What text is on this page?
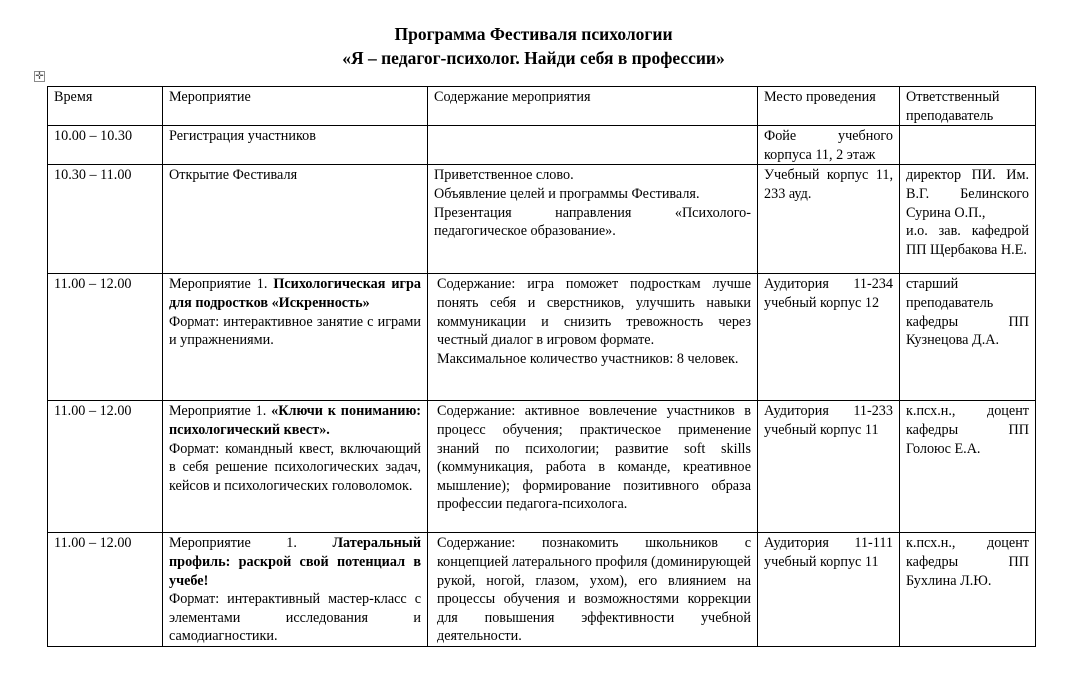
Программа Фестиваля психологии
«Я – педагог-психолог. Найди себя в профессии»
✛
Время	Мероприятие	Содержание мероприятия	Место проведения	Ответственный преподаватель
10.00 – 10.30	Регистрация участников		Фойе учебного корпуса 11, 2 этаж	
10.30 – 11.00	Открытие Фестиваля	Приветственное слово.
Объявление целей и программы Фестиваля.
Презентация направления «Психолого-педагогическое образование».	Учебный корпус 11, 233 ауд.	директор ПИ. Им. В.Г. Белинского Сурина О.П.,
и.о. зав. кафедрой ПП Щербакова Н.Е.

11.00 – 12.00	Мероприятие 1. Психологическая игра для подростков «Искренность»
Формат: интерактивное занятие с играми и упражнениями.	Содержание: игра поможет подросткам лучше понять себя и сверстников, улучшить навыки коммуникации и снизить тревожность через честный диалог в игровом формате.
Максимальное количество участников: 8 человек.	Аудитория 11-234 учебный корпус 12	старший преподаватель кафедры ПП Кузнецова Д.А.
11.00 – 12.00	Мероприятие 1. «Ключи к пониманию: психологический квест».
Формат: командный квест, включающий в себя решение психологических задач, кейсов и психологических головоломок.	Содержание: активное вовлечение участников в процесс обучения; практическое применение знаний по психологии; развитие soft skills (коммуникация, работа в команде, креативное мышление); формирование позитивного образа профессии педагога-психолога.	Аудитория 11-233 учебный корпус 11	к.псх.н., доцент кафедры ПП Голоюс Е.А.
11.00 – 12.00	Мероприятие 1. Латеральный профиль: раскрой свой потенциал в учебе!
Формат: интерактивный мастер-класс с элементами исследования и самодиагностики.	Содержание: познакомить школьников с концепцией латерального профиля (доминирующей рукой, ногой, глазом, ухом), его влиянием на процессы обучения и возможностями коррекции для повышения эффективности учебной деятельности.	Аудитория 11-111 учебный корпус 11	к.псх.н., доцент кафедры ПП Бухлина Л.Ю.
